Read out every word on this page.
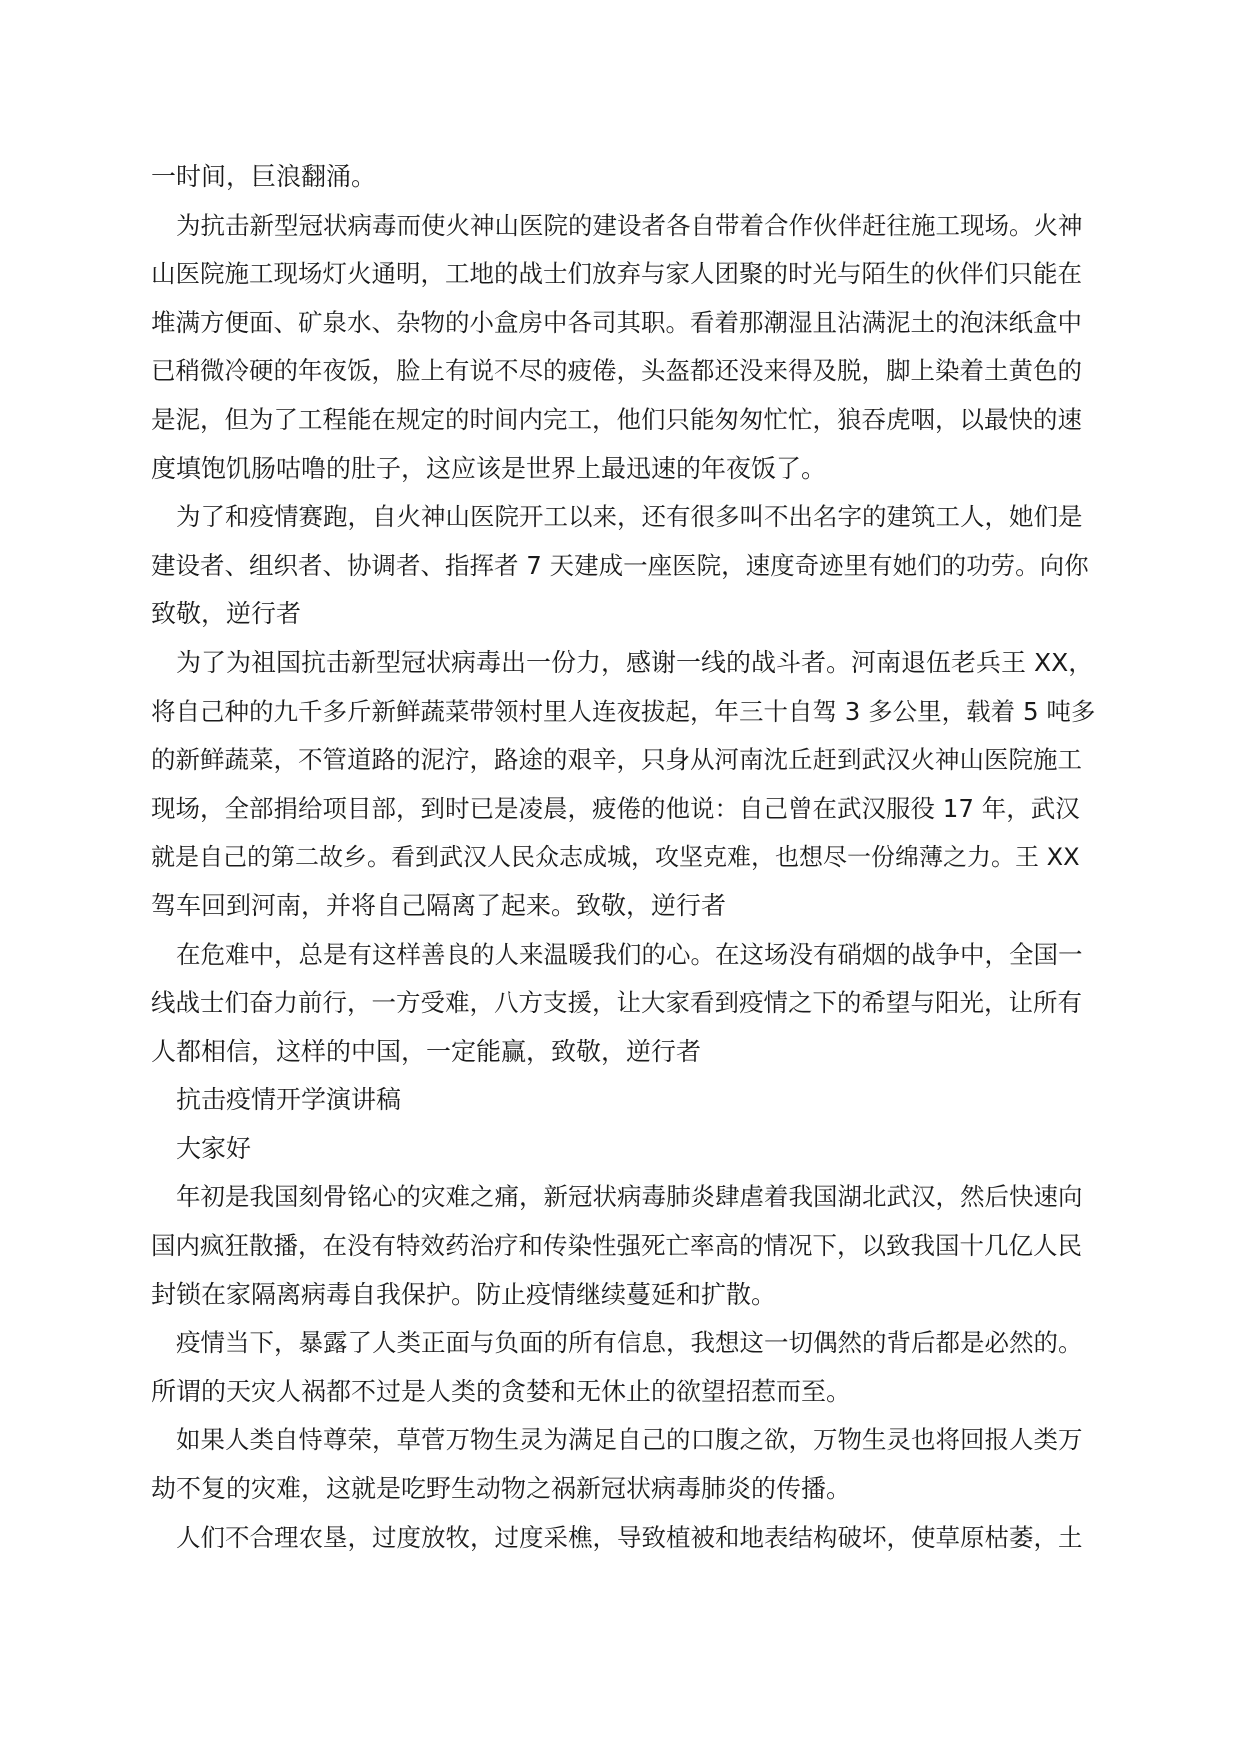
一时间，巨浪翻涌。

为抗击新型冠状病毒而使火神山医院的建设者各自带着合作伙伴赶往施工现场。火神

山医院施工现场灯火通明，工地的战士们放弃与家人团聚的时光与陌生的伙伴们只能在

堆满方便面、矿泉水、杂物的小盒房中各司其职。看着那潮湿且沾满泥土的泡沫纸盒中

已稍微冷硬的年夜饭，脸上有说不尽的疲倦，头盔都还没来得及脱，脚上染着土黄色的

是泥，但为了工程能在规定的时间内完工，他们只能匆匆忙忙，狼吞虎咽，以最快的速

度填饱饥肠咕噜的肚子，这应该是世界上最迅速的年夜饭了。

为了和疫情赛跑，自火神山医院开工以来，还有很多叫不出名字的建筑工人，她们是

建设者、组织者、协调者、指挥者 7 天建成一座医院，速度奇迹里有她们的功劳。向你

致敬，逆行者

为了为祖国抗击新型冠状病毒出一份力，感谢一线的战斗者。河南退伍老兵王 XX，

将自己种的九千多斤新鲜蔬菜带领村里人连夜拔起，年三十自驾 3 多公里，载着 5 吨多

的新鲜蔬菜，不管道路的泥泞，路途的艰辛，只身从河南沈丘赶到武汉火神山医院施工

现场，全部捐给项目部，到时已是凌晨，疲倦的他说：自己曾在武汉服役 17 年，武汉

就是自己的第二故乡。看到武汉人民众志成城，攻坚克难，也想尽一份绵薄之力。王 XX

驾车回到河南，并将自己隔离了起来。致敬，逆行者

在危难中，总是有这样善良的人来温暖我们的心。在这场没有硝烟的战争中，全国一

线战士们奋力前行，一方受难，八方支援，让大家看到疫情之下的希望与阳光，让所有

人都相信，这样的中国，一定能赢，致敬，逆行者

抗击疫情开学演讲稿

大家好

年初是我国刻骨铭心的灾难之痛，新冠状病毒肺炎肆虐着我国湖北武汉，然后快速向

国内疯狂散播，在没有特效药治疗和传染性强死亡率高的情况下，以致我国十几亿人民

封锁在家隔离病毒自我保护。防止疫情继续蔓延和扩散。

疫情当下，暴露了人类正面与负面的所有信息，我想这一切偶然的背后都是必然的。

所谓的天灾人祸都不过是人类的贪婪和无休止的欲望招惹而至。

如果人类自恃尊荣，草菅万物生灵为满足自己的口腹之欲，万物生灵也将回报人类万

劫不复的灾难，这就是吃野生动物之祸新冠状病毒肺炎的传播。

人们不合理农垦，过度放牧，过度采樵，导致植被和地表结构破坏，使草原枯萎，土
